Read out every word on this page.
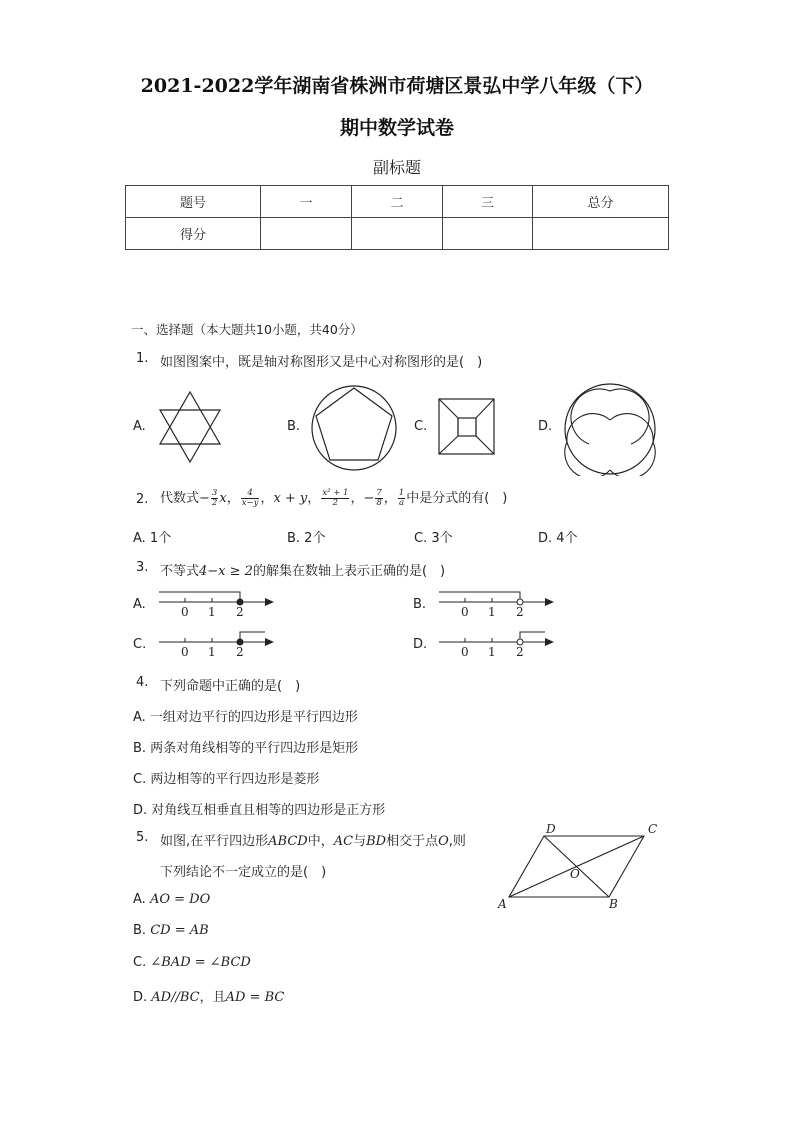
2021-2022学年湖南省株洲市荷塘区景弘中学八年级（下）
期中数学试卷
副标题
题号	一	二	三	总分
得分				
一、选择题（本大题共10小题，共40分）
1. 如图图案中，既是轴对称图形又是中心对称图形的是(　)
A.	B.	C.	D.
2. 代数式− $\frac{3}{2}$ x， $\frac{4}{x-y}$ ，x + y， $\frac{\text{x² + 1}}{2}$ ，− $\frac{7}{8}$ ， $\frac{1}{a}$ 中是分式的有(　)
A. 1个	B. 2个	C. 3个	D. 4个
3. 不等式4−x ≥ 2的解集在数轴上表示正确的是(　)
A.	0 1 2	B.	0 1 2
C.	0 1 2	D.	0 1 2
4. 下列命题中正确的是(　)
A. 一组对边平行的四边形是平行四边形
B. 两条对角线相等的平行四边形是矩形
C. 两边相等的平行四边形是菱形
D. 对角线互相垂直且相等的四边形是正方形
5. 如图,在平行四边形ABCD中，AC与BD相交于点O,则
下列结论不一定成立的是(　)
A. AO = DO
B. CD = AB
C. ∠BAD = ∠BCD
D. AD//BC，且AD = BC
A	B
C
D
O
